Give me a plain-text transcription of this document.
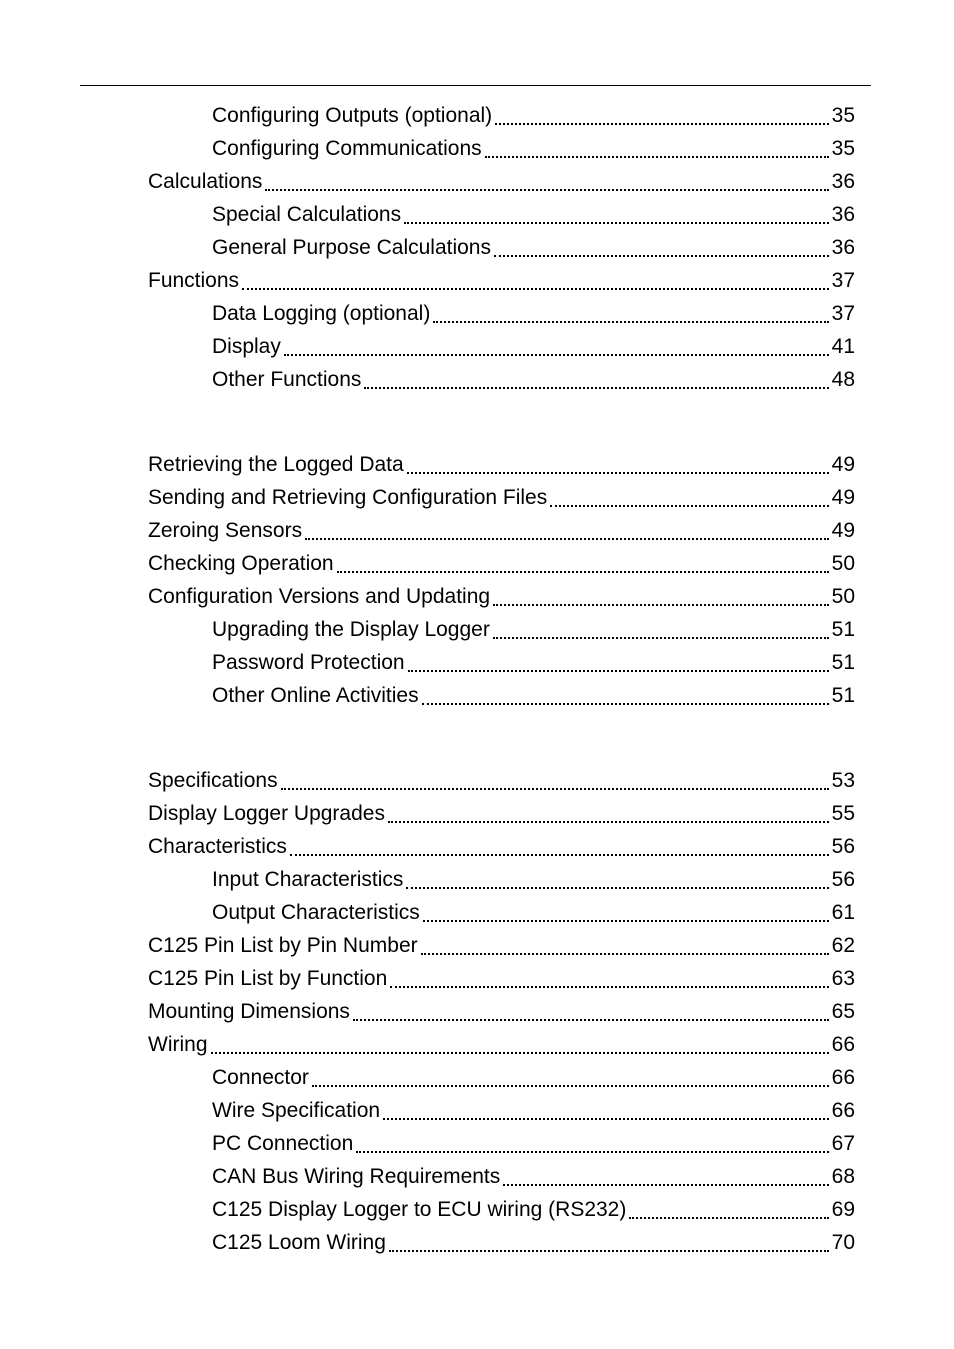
Configuring Outputs (optional)	35
Configuring Communications	35
Calculations	36
Special Calculations	36
General Purpose Calculations	36
Functions	37
Data Logging (optional)	37
Display	41
Other Functions	48
Retrieving the Logged Data	49
Sending and Retrieving Configuration Files	49
Zeroing Sensors	49
Checking Operation	50
Configuration Versions and Updating	50
Upgrading the Display Logger	51
Password Protection	51
Other Online Activities	51
Specifications	53
Display Logger Upgrades	55
Characteristics	56
Input Characteristics	56
Output Characteristics	61
C125 Pin List by Pin Number	62
C125 Pin List by Function	63
Mounting Dimensions	65
Wiring	66
Connector	66
Wire Specification	66
PC Connection	67
CAN Bus Wiring Requirements	68
C125 Display Logger to ECU wiring (RS232)	69
C125 Loom Wiring	70
